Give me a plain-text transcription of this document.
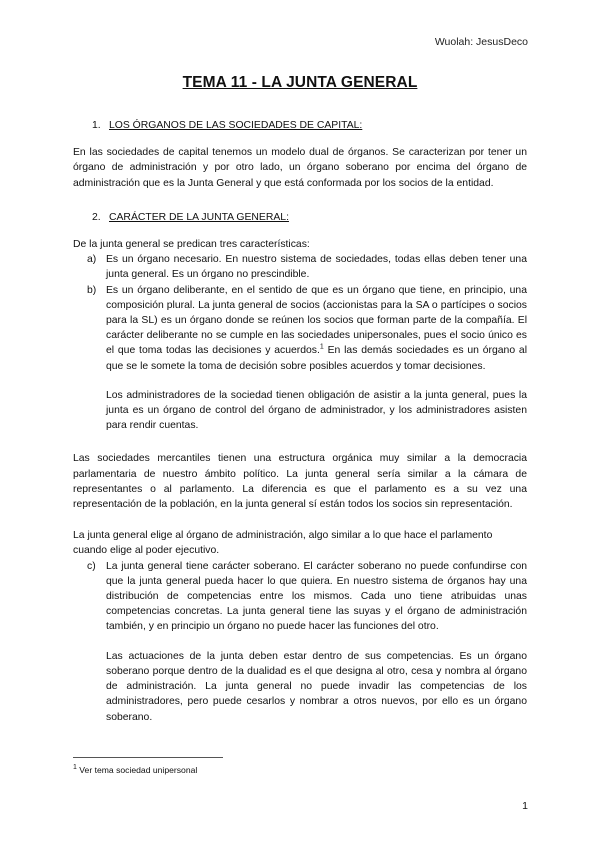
Wuolah: JesusDeco
TEMA 11 - LA JUNTA GENERAL
1. LOS ÓRGANOS DE LAS SOCIEDADES DE CAPITAL:

En las sociedades de capital tenemos un modelo dual de órganos. Se caracterizan por tener un órgano de administración y por otro lado, un órgano soberano por encima del órgano de administración que es la Junta General y que está conformada por los socios de la entidad.

2. CARÁCTER DE LA JUNTA GENERAL:

De la junta general se predican tres características:

a) Es un órgano necesario. En nuestro sistema de sociedades, todas ellas deben tener una junta general. Es un órgano no prescindible.
b) Es un órgano deliberante, en el sentido de que es un órgano que tiene, en principio, una composición plural. La junta general de socios (accionistas para la SA o partícipes o socios para la SL) es un órgano donde se reúnen los socios que forman parte de la compañía. El carácter deliberante no se cumple en las sociedades unipersonales, pues el socio único es el que toma todas las decisiones y acuerdos.$^1$ En las demás sociedades es un órgano al que se le somete la toma de decisión sobre posibles acuerdos y tomar decisiones.

Los administradores de la sociedad tienen obligación de asistir a la junta general, pues la junta es un órgano de control del órgano de administrador, y los administradores asisten para rendir cuentas.

Las sociedades mercantiles tienen una estructura orgánica muy similar a la democracia parlamentaria de nuestro ámbito político. La junta general sería similar a la cámara de representantes o al parlamento. La diferencia es que el parlamento es a su vez una representación de la población, en la junta general sí están todos los socios sin representación.

La junta general elige al órgano de administración, algo similar a lo que hace el parlamento cuando elige al poder ejecutivo.

c) La junta general tiene carácter soberano. El carácter soberano no puede confundirse con que la junta general pueda hacer lo que quiera. En nuestro sistema de órganos hay una distribución de competencias entre los mismos. Cada uno tiene atribuidas unas competencias concretas. La junta general tiene las suyas y el órgano de administración también, y en principio un órgano no puede hacer las funciones del otro.

Las actuaciones de la junta deben estar dentro de sus competencias. Es un órgano soberano porque dentro de la dualidad es el que designa al otro, cesa y nombra al órgano de administración. La junta general no puede invadir las competencias de los administradores, pero puede cesarlos y nombrar a otros nuevos, por ello es un órgano soberano.

$^1$ Ver tema sociedad unipersonal
1
